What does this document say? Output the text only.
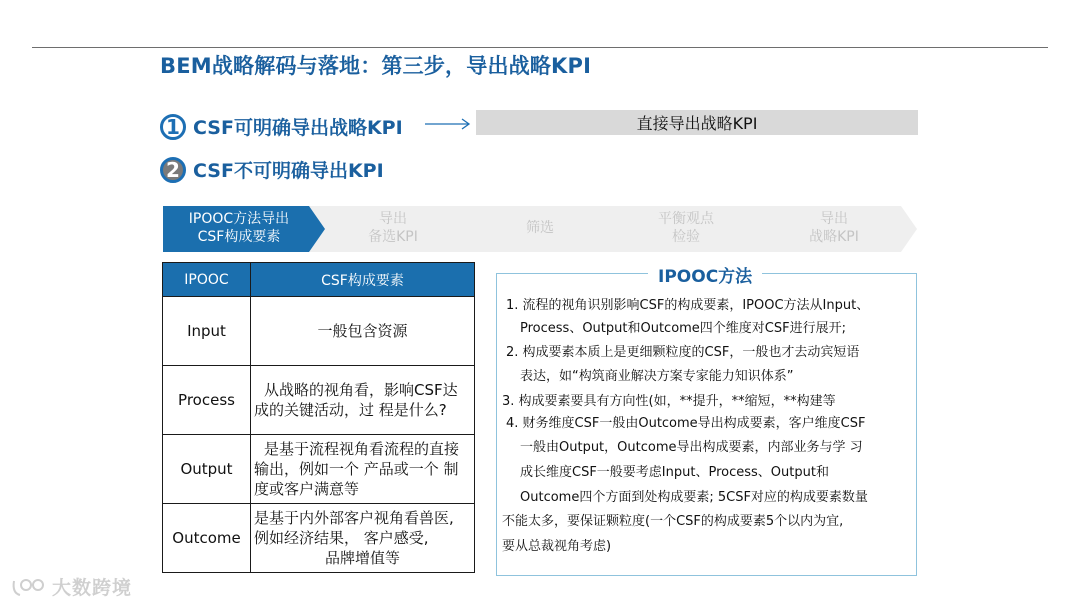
BEM战略解码与落地：第三步，导出战略KPI
1 CSF可明确导出战略KPI
2 CSF不可明确导出KPI
直接导出战略KPI
IPOOC方法导出
CSF构成要素
导出
备选KPI
筛选
平衡观点
检验
导出
战略KPI
IPOOC	CSF构成要素
Input	一般包含资源

Process	从战略的视角看，影响CSF达
成的关键活动，过 程是什么?

Output	是基于流程视角看流程的直接
输出，例如一个 产品或一个 制
度或客户满意等

Outcome	是基于内外部客户视角看兽医,
例如经济结果， 客户感受,
品牌增值等
IPOOC方法
1. 流程的视角识别影响CSF的构成要素，IPOOC方法从Input、
Process、Output和Outcome四个维度对CSF进行展开;
2. 构成要素本质上是更细颗粒度的CSF，一般也才去动宾短语
表达，如“构筑商业解决方案专家能力知识体系”
3. 构成要素要具有方向性(如，**提升，**缩短，**构建等
4. 财务维度CSF一般由Outcome导出构成要素，客户维度CSF
一般由Output，Outcome导出构成要素，内部业务与学 习
成长维度CSF一般要考虑Input、Process、Output和
Outcome四个方面到处构成要素; 5CSF对应的构成要素数量
不能太多，要保证颗粒度(一个CSF的构成要素5个以内为宜,
要从总裁视角考虑)
大数跨境
